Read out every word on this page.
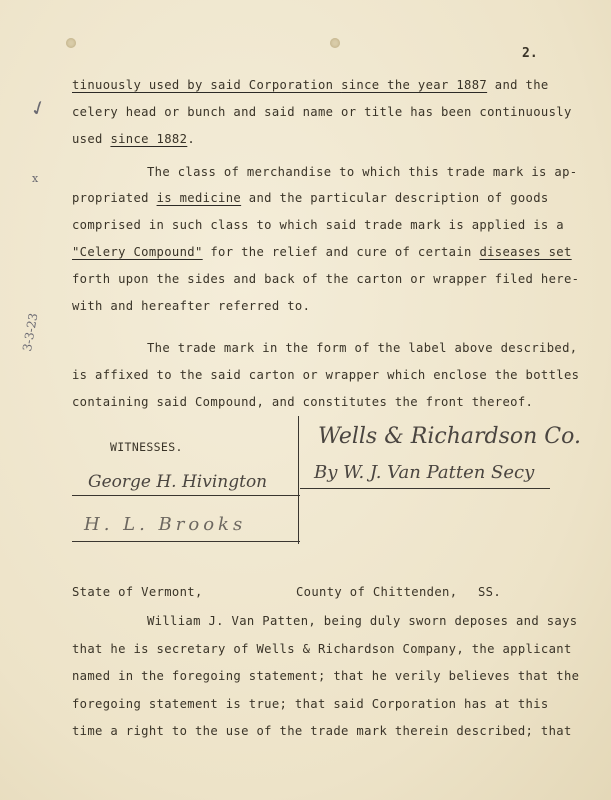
2.
✓
x
3-3-23
tinuously used by said Corporation since the year 1887 and the
celery head or bunch and said name or title has been continuously
used since 1882.
The class of merchandise to which this trade mark is ap-
propriated is medicine and the particular description of goods
comprised in such class to which said trade mark is applied is a
"Celery Compound" for the relief and cure of certain diseases set
forth upon the sides and back of the carton or wrapper filed here-
with and hereafter referred to.
The trade mark in the form of the label above described,
is affixed to the said carton or wrapper which enclose the bottles
containing said Compound, and constitutes the front thereof.
WITNESSES.
George H. Hivington
H. L. Brooks
Wells & Richardson Co.
By W. J. Van Patten Secy
State of Vermont,	County of Chittenden, SS.
William J. Van Patten, being duly sworn deposes and says
that he is secretary of Wells & Richardson Company, the applicant
named in the foregoing statement; that he verily believes that the
foregoing statement is true; that said Corporation has at this
time a right to the use of the trade mark therein described; that
